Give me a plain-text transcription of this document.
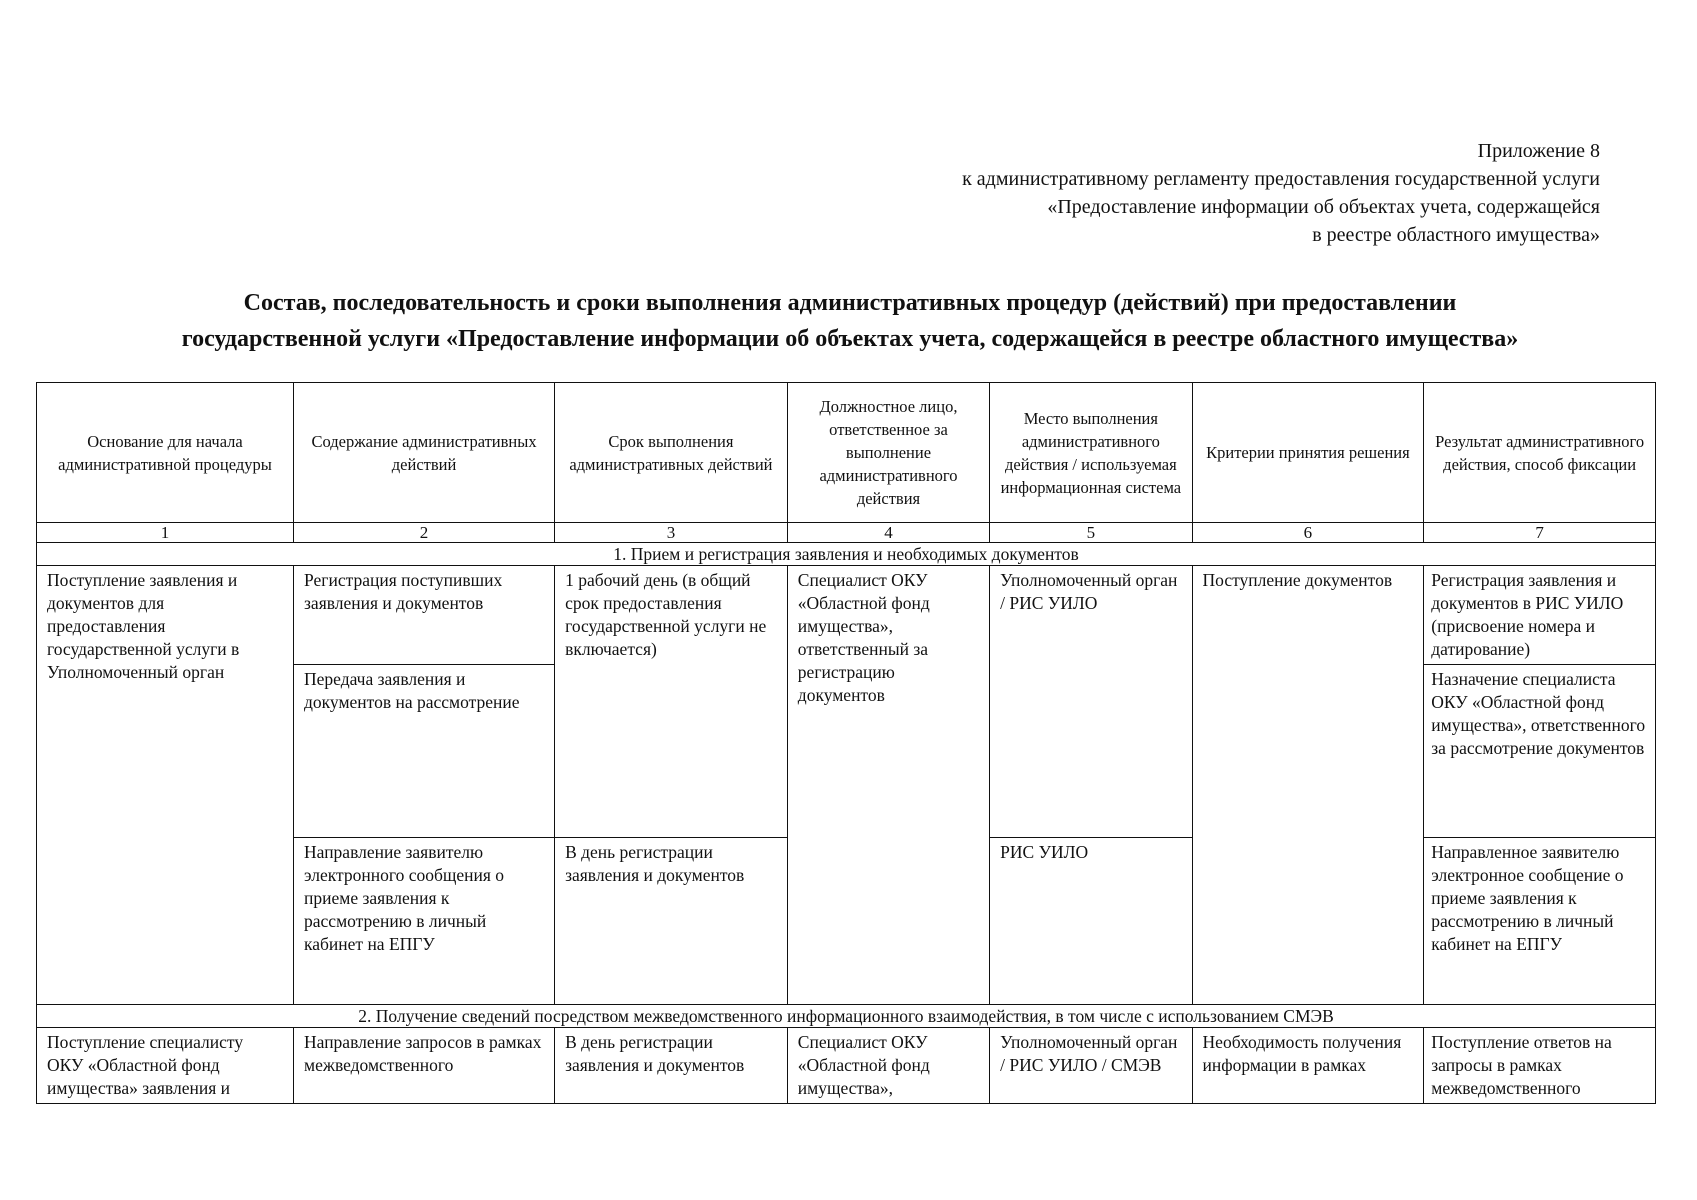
Приложение 8
к административному регламенту предоставления государственной услуги
«Предоставление информации об объектах учета, содержащейся
в реестре областного имущества»
Состав, последовательность и сроки выполнения административных процедур (действий) при предоставлении
государственной услуги «Предоставление информации об объектах учета, содержащейся в реестре областного имущества»
Основание для начала административной процедуры	Содержание административных действий	Срок выполнения административных действий	Должностное лицо, ответственное за выполнение административного действия	Место выполнения административного действия / используемая информационная система	Критерии принятия решения	Результат административного действия, способ фиксации
1	2	3	4	5	6	7
1. Прием и регистрация заявления и необходимых документов						
Поступление заявления и документов для предоставления государственной услуги в Уполномоченный орган	Регистрация поступивших заявления и документов	1 рабочий день (в общий срок предоставления государственной услуги не включается)	Специалист ОКУ «Областной фонд имущества», ответственный за регистрацию документов	Уполномоченный орган / РИС УИЛО	Поступление документов	Регистрация заявления и документов в РИС УИЛО (присвоение номера и датирование)
	Передача заявления и документов на рассмотрение					Назначение специалиста ОКУ «Областной фонд имущества», ответственного за рассмотрение документов
	Направление заявителю электронного сообщения о приеме заявления к рассмотрению в личный кабинет на ЕПГУ	В день регистрации заявления и документов		РИС УИЛО		Направленное заявителю электронное сообщение о приеме заявления к рассмотрению в личный кабинет на ЕПГУ
2. Получение сведений посредством межведомственного информационного взаимодействия, в том числе с использованием СМЭВ						
Поступление специалисту ОКУ «Областной фонд имущества» заявления и	Направление запросов в рамках межведомственного	В день регистрации заявления и документов	Специалист ОКУ «Областной фонд имущества»,	Уполномоченный орган / РИС УИЛО / СМЭВ	Необходимость получения информации в рамках	Поступление ответов на запросы в рамках межведомственного
